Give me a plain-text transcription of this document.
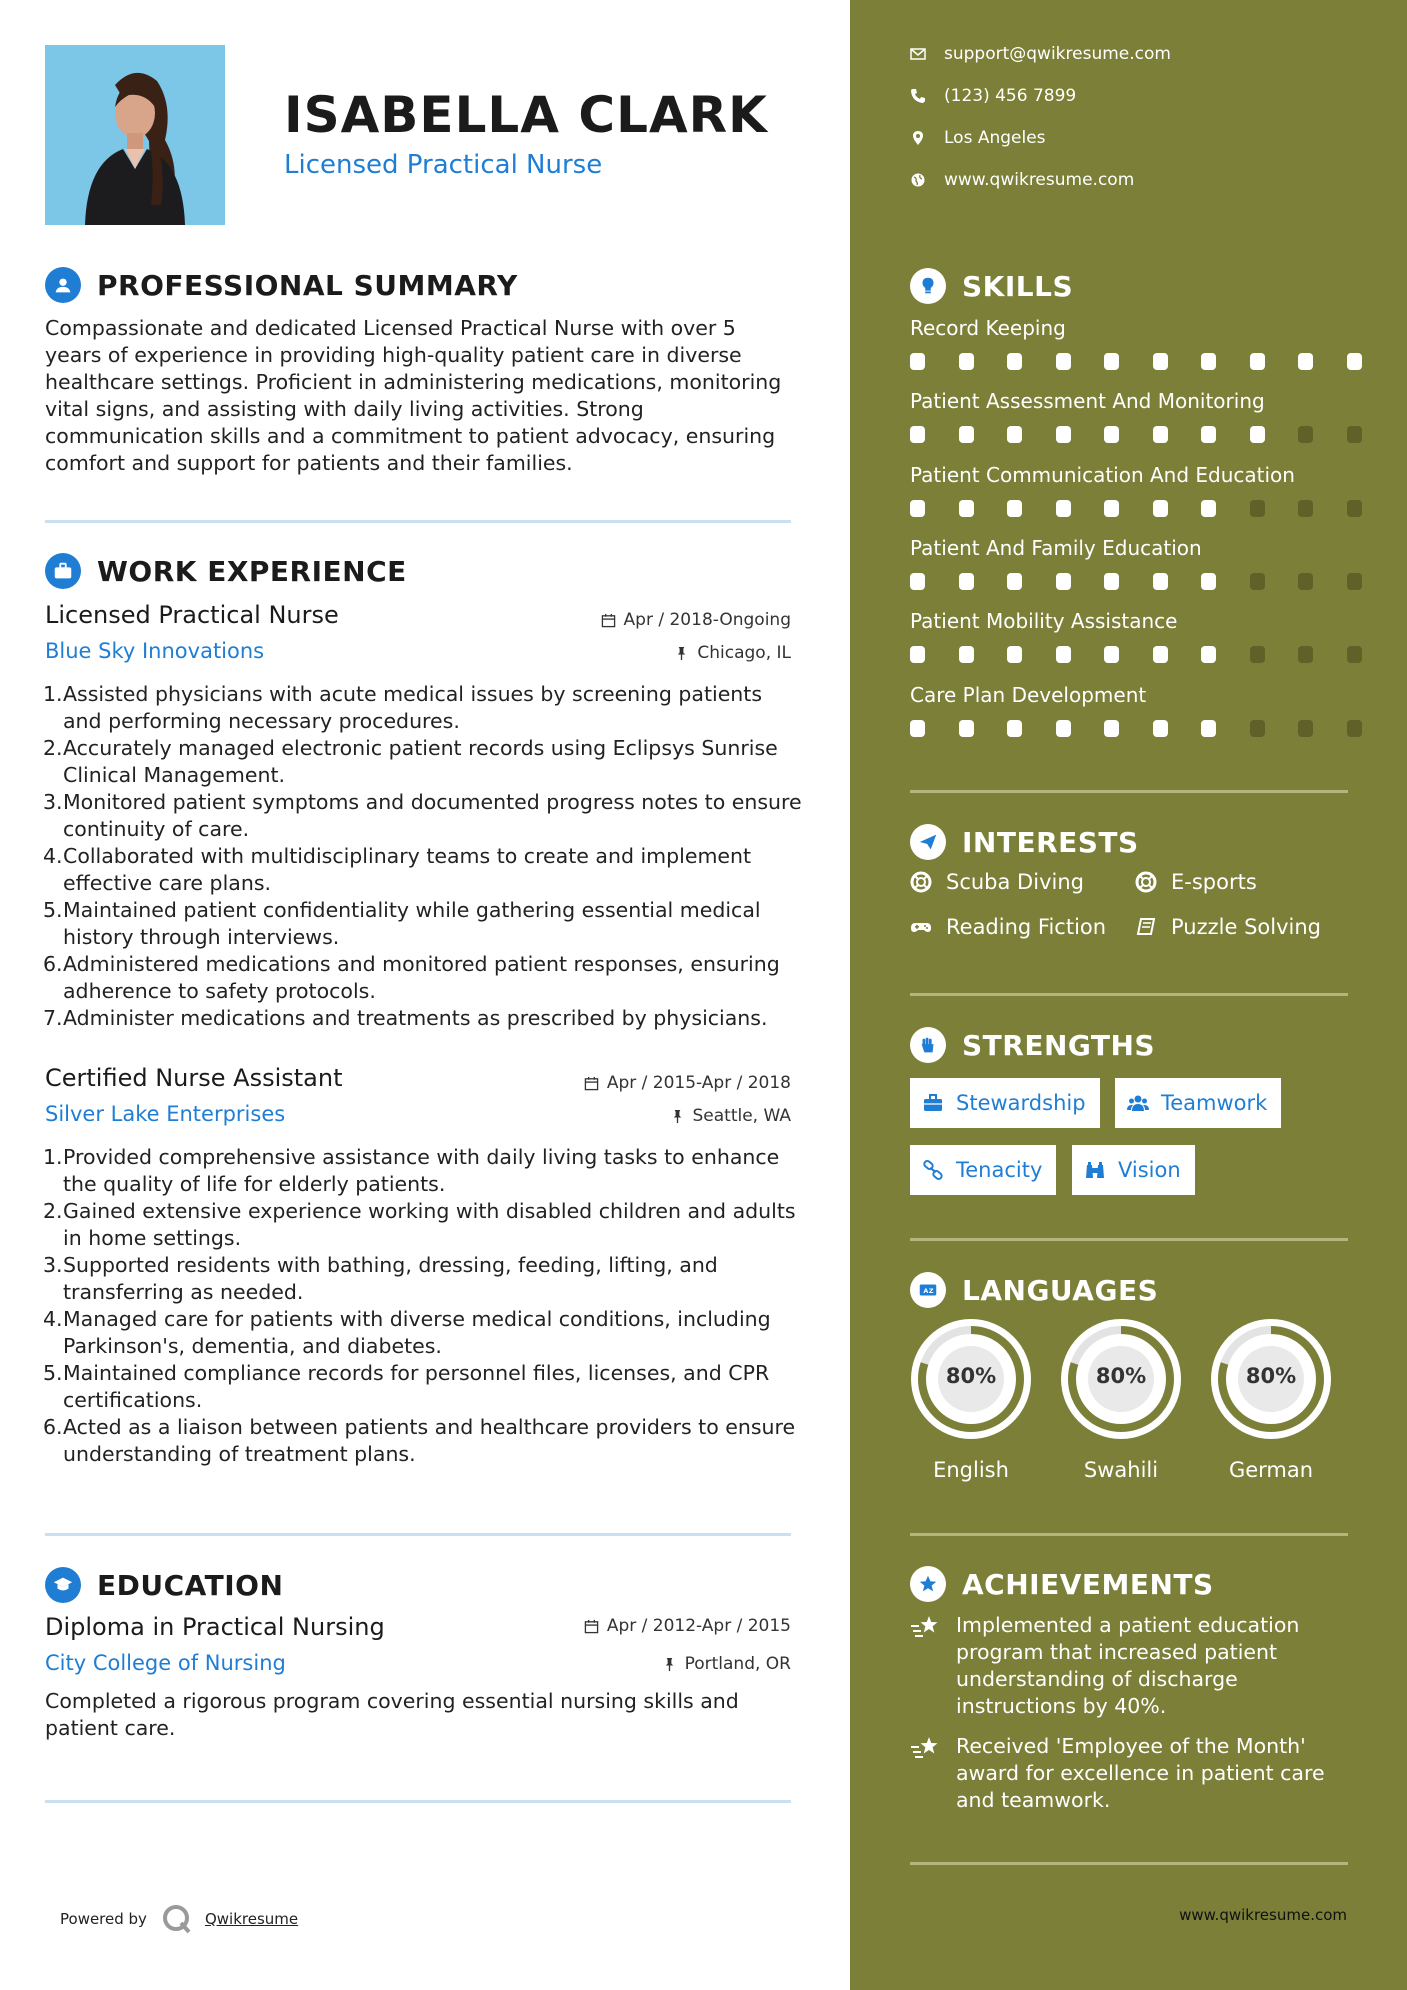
ISABELLA CLARK
Licensed Practical Nurse
PROFESSIONAL SUMMARY
Compassionate and dedicated Licensed Practical Nurse with over 5 years of experience in providing high-quality patient care in diverse healthcare settings. Proficient in administering medications, monitoring vital signs, and assisting with daily living activities. Strong communication skills and a commitment to patient advocacy, ensuring comfort and support for patients and their families.
WORK EXPERIENCE
Licensed Practical Nurse	Apr / 2018-Ongoing
Blue Sky Innovations	Chicago, IL
1. Assisted physicians with acute medical issues by screening patients and performing necessary procedures.
2. Accurately managed electronic patient records using Eclipsys Sunrise Clinical Management.
3. Monitored patient symptoms and documented progress notes to ensure continuity of care.
4. Collaborated with multidisciplinary teams to create and implement effective care plans.
5. Maintained patient confidentiality while gathering essential medical history through interviews.
6. Administered medications and monitored patient responses, ensuring adherence to safety protocols.
7. Administer medications and treatments as prescribed by physicians.
Certified Nurse Assistant	Apr / 2015-Apr / 2018
Silver Lake Enterprises	Seattle, WA
1. Provided comprehensive assistance with daily living tasks to enhance the quality of life for elderly patients.
2. Gained extensive experience working with disabled children and adults in home settings.
3. Supported residents with bathing, dressing, feeding, lifting, and transferring as needed.
4. Managed care for patients with diverse medical conditions, including Parkinson's, dementia, and diabetes.
5. Maintained compliance records for personnel files, licenses, and CPR certifications.
6. Acted as a liaison between patients and healthcare providers to ensure understanding of treatment plans.
EDUCATION
Diploma in Practical Nursing	Apr / 2012-Apr / 2015
City College of Nursing	Portland, OR
Completed a rigorous program covering essential nursing skills and patient care.
Powered by	Qwikresume
support@qwikresume.com
(123) 456 7899
Los Angeles
www.qwikresume.com
SKILLS
Record Keeping
Patient Assessment And Monitoring
Patient Communication And Education
Patient And Family Education
Patient Mobility Assistance
Care Plan Development
INTERESTS
Scuba Diving	E-sports
Reading Fiction	Puzzle Solving
STRENGTHS
Stewardship	Teamwork
Tenacity	Vision
A Z LANGUAGES
80%
English
80%
Swahili
80%
German
ACHIEVEMENTS
Implemented a patient education program that increased patient understanding of discharge instructions by 40%.
Received 'Employee of the Month' award for excellence in patient care and teamwork.
www.qwikresume.com
